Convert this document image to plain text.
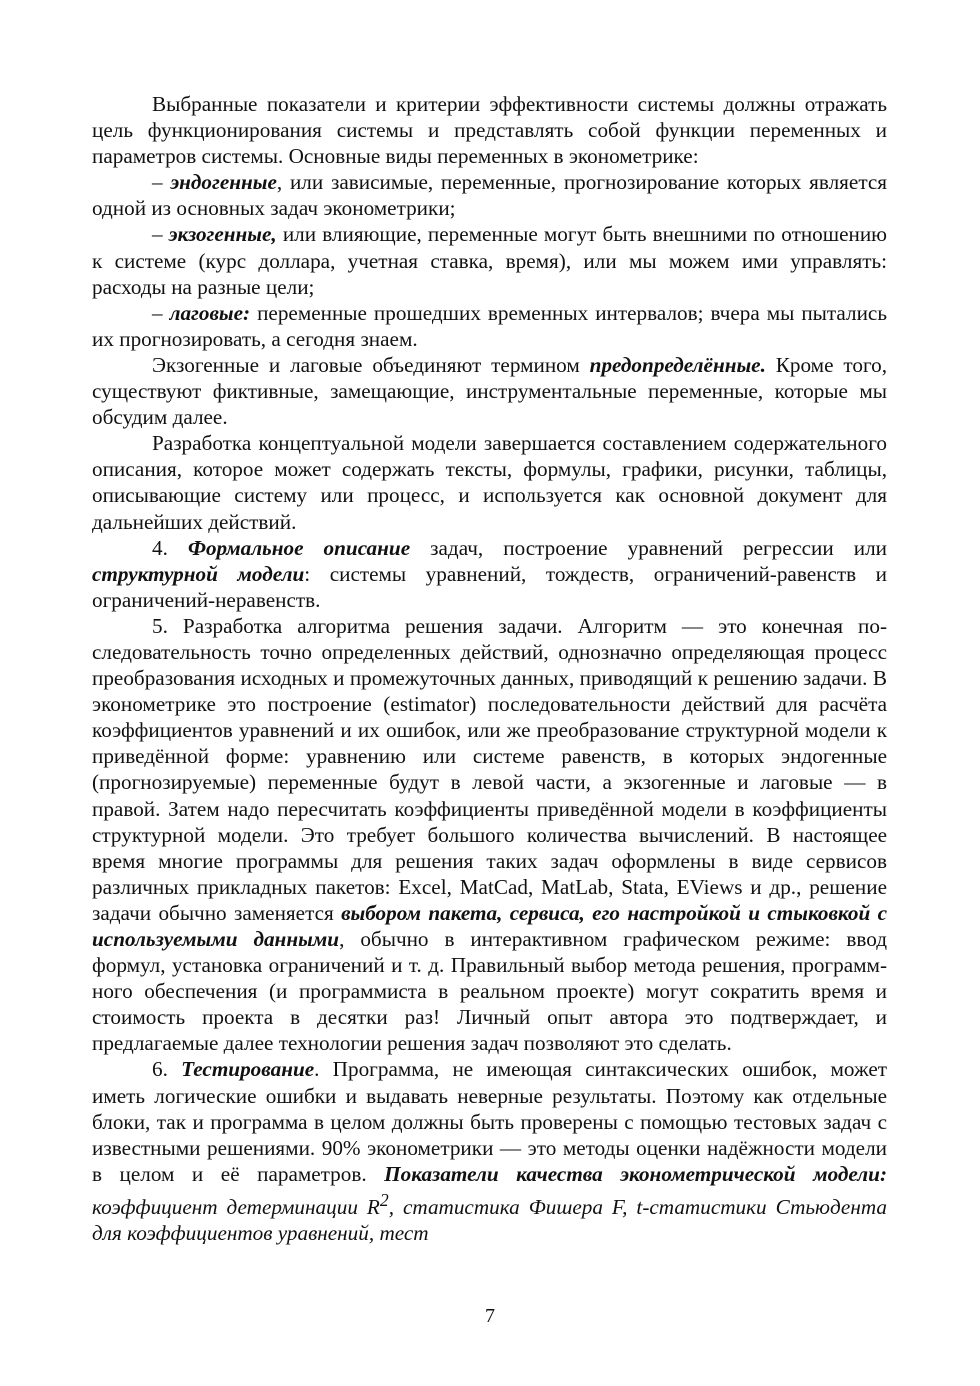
Выбранные показатели и критерии эффективности системы должны отражать цель функционирования системы и представлять собой функции переменных и параметров системы. Основные виды переменных в эконометрике:

– эндогенные, или зависимые, переменные, прогнозирование которых является одной из основных задач эконометрики;

– экзогенные, или влияющие, переменные могут быть внешними по отношению к системе (курс доллара, учетная ставка, время), или мы можем ими управлять: расходы на разные цели;

– лаговые: переменные прошедших временных интервалов; вчера мы пытались их прогнозировать, а сегодня знаем.

Экзогенные и лаговые объединяют термином предопределённые. Кроме того, существуют фиктивные, замещающие, инструментальные переменные, которые мы обсудим далее.

Разработка концептуальной модели завершается составлением содержательного описания, которое может содержать тексты, формулы, графики, рисунки, таблицы, описывающие систему или процесс, и используется как основной документ для дальнейших действий.

4. Формальное описание задач, построение уравнений регрессии или структурной модели: системы уравнений, тождеств, ограничений-равенств и ограничений-неравенств.

5. Разработка алгоритма решения задачи. Алгоритм — это конечная последовательность точно определенных действий, однозначно определяющая процесс преобразования исходных и промежуточных данных, приводящий к решению задачи. В эконометрике это построение (estimator) последовательности действий для расчёта коэффициентов уравнений и их ошибок, или же преобразование структурной модели к приведённой форме: уравнению или системе равенств, в которых эндогенные (прогнозируемые) переменные будут в левой части, а экзогенные и лаговые — в правой. Затем надо пересчитать коэффициенты приведённой модели в коэффициенты структурной модели. Это требует большого количества вычислений. В настоящее время многие программы для решения таких задач оформлены в виде сервисов различных прикладных пакетов: Excel, MatCad, MatLab, Stata, EViews и др., решение задачи обычно заменяется выбором пакета, сервиса, его настройкой и стыковкой с используемыми данными, обычно в интерактивном графическом режиме: ввод формул, установка ограничений и т. д. Правильный выбор метода решения, программного обеспечения (и программиста в реальном проекте) могут сократить время и стоимость проекта в десятки раз! Личный опыт автора это подтверждает, и предлагаемые далее технологии решения задач позволяют это сделать.

6. Тестирование. Программа, не имеющая синтаксических ошибок, может иметь логические ошибки и выдавать неверные результаты. Поэтому как отдельные блоки, так и программа в целом должны быть проверены с помощью тестовых задач с известными решениями. 90% эконометрики — это методы оценки надёжности модели в целом и её параметров. Показатели качества эконометрической модели: коэффициент детерминации $R^2$, статистика Фишера F, t-статистики Стьюдента для коэффициентов уравнений, тест

7
